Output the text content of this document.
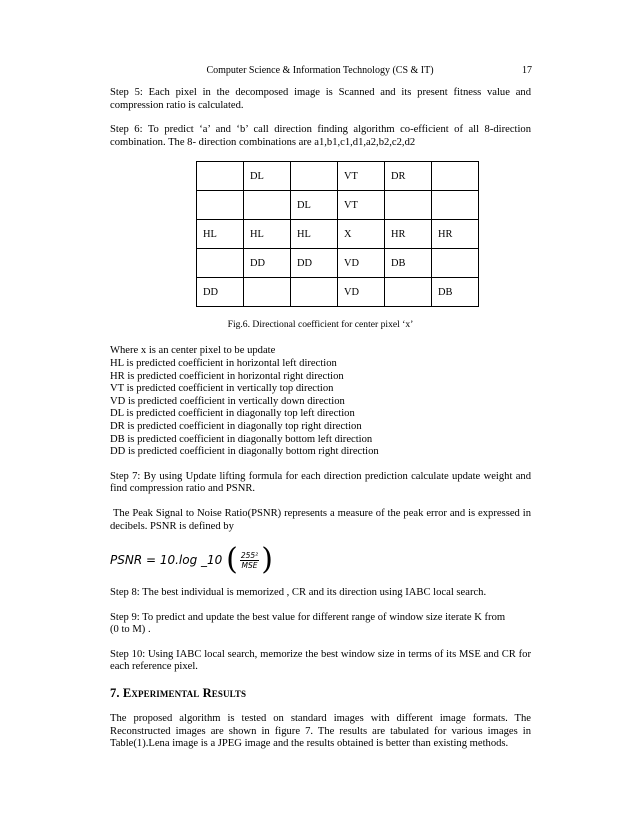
Computer Science & Information Technology (CS & IT)	17

Step 5: Each pixel in the decomposed image is Scanned and its present fitness value and compression ratio is calculated.

Step 6: To predict ‘a’ and ‘b’ call direction finding algorithm co-efficient of all 8-direction combination. The 8- direction combinations are a1,b1,c1,d1,a2,b2,c2,d2

	DL		VT	DR	
		DL	VT		
HL	HL	HL	X	HR	HR
	DD	DD	VD	DB	
DD			VD		DB
Fig.6. Directional coefficient for center pixel ‘x’
Where x is an center pixel to be update
HL is predicted coefficient in horizontal left direction
HR is predicted coefficient in horizontal right direction
VT is predicted coefficient in vertically top direction
VD is predicted coefficient in vertically down direction
DL is predicted coefficient in diagonally top left direction
DR is predicted coefficient in diagonally top right direction
DB is predicted coefficient in diagonally bottom left direction
DD is predicted coefficient in diagonally bottom right direction

Step 7: By using Update lifting formula for each direction prediction calculate update weight and find compression ratio and PSNR.

The Peak Signal to Noise Ratio(PSNR) represents a measure of the peak error and is expressed in decibels. PSNR is defined by

PSNR = 10.log _10 ( $\frac{\text{255²}}{\text{MSE}}$ )

Step 8: The best individual is memorized , CR and its direction using IABC local search.

Step 9: To predict and update the best value for different range of window size iterate K from
(0 to M) .

Step 10: Using IABC local search, memorize the best window size in terms of its MSE and CR for each reference pixel.

7. Experimental Results

The proposed algorithm is tested on standard images with different image formats. The Reconstructed images are shown in figure 7. The results are tabulated for various images in Table(1).Lena image is a JPEG image and the results obtained is better than existing methods.
